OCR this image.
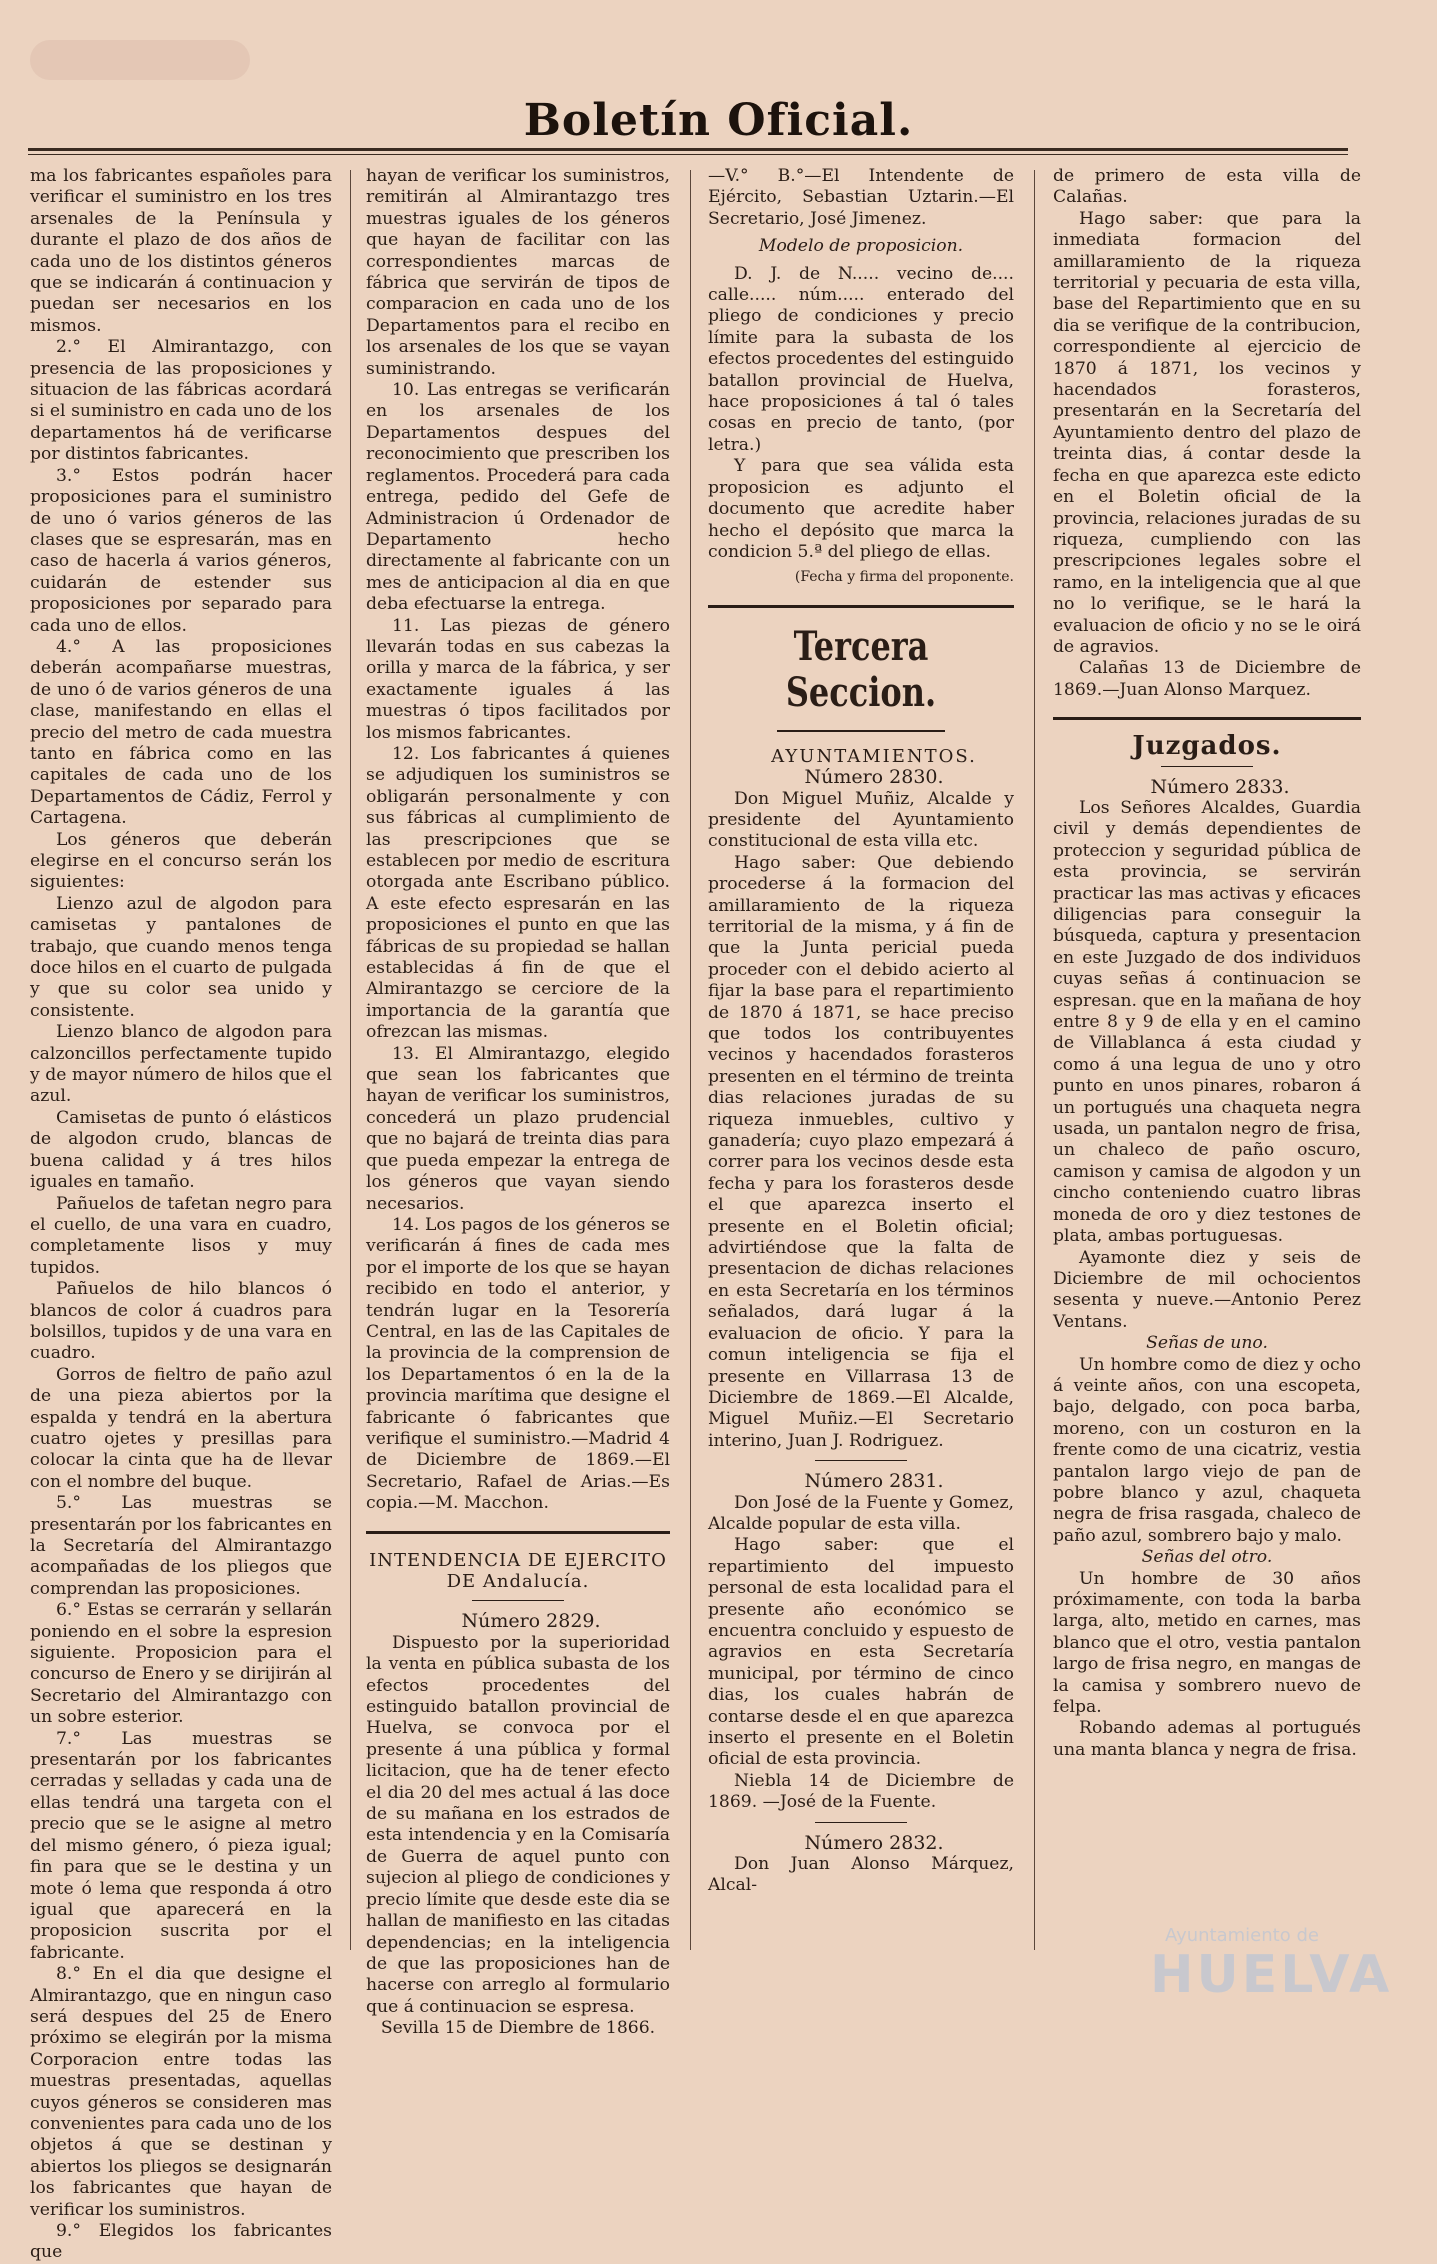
Boletín Oficial.

ma los fabricantes españoles para verificar el suministro en los tres arsenales de la Península y durante el plazo de dos años de cada uno de los distintos géneros que se indicarán á continuacion y puedan ser necesarios en los mismos.

2.° El Almirantazgo, con presencia de las proposiciones y situacion de las fábricas acordará si el suministro en cada uno de los departamentos há de verificarse por distintos fabricantes.

3.° Estos podrán hacer proposiciones para el suministro de uno ó varios géneros de las clases que se espresarán, mas en caso de hacerla á varios géneros, cuidarán de estender sus proposiciones por separado para cada uno de ellos.

4.° A las proposiciones deberán acompañarse muestras, de uno ó de varios géneros de una clase, manifestando en ellas el precio del metro de cada muestra tanto en fábrica como en las capitales de cada uno de los Departamentos de Cádiz, Ferrol y Cartagena.

Los géneros que deberán elegirse en el concurso serán los siguientes:

Lienzo azul de algodon para camisetas y pantalones de trabajo, que cuando menos tenga doce hilos en el cuarto de pulgada y que su color sea unido y consistente.

Lienzo blanco de algodon para calzoncillos perfectamente tupido y de mayor número de hilos que el azul.

Camisetas de punto ó elásticos de algodon crudo, blancas de buena calidad y á tres hilos iguales en tamaño.

Pañuelos de tafetan negro para el cuello, de una vara en cuadro, completamente lisos y muy tupidos.

Pañuelos de hilo blancos ó blancos de color á cuadros para bolsillos, tupidos y de una vara en cuadro.

Gorros de fieltro de paño azul de una pieza abiertos por la espalda y tendrá en la abertura cuatro ojetes y presillas para colocar la cinta que ha de llevar con el nombre del buque.

5.° Las muestras se presentarán por los fabricantes en la Secretaría del Almirantazgo acompañadas de los pliegos que comprendan las proposiciones.

6.° Estas se cerrarán y sellarán poniendo en el sobre la espresion siguiente. Proposicion para el concurso de Enero y se dirijirán al Secretario del Almirantazgo con un sobre esterior.

7.° Las muestras se presentarán por los fabricantes cerradas y selladas y cada una de ellas tendrá una targeta con el precio que se le asigne al metro del mismo género, ó pieza igual; fin para que se le destina y un mote ó lema que responda á otro igual que aparecerá en la proposicion suscrita por el fabricante.

8.° En el dia que designe el Almirantazgo, que en ningun caso será despues del 25 de Enero próximo se elegirán por la misma Corporacion entre todas las muestras presentadas, aquellas cuyos géneros se consideren mas convenientes para cada uno de los objetos á que se destinan y abiertos los pliegos se designarán los fabricantes que hayan de verificar los suministros.

9.° Elegidos los fabricantes que

hayan de verificar los suministros, remitirán al Almirantazgo tres muestras iguales de los géneros que hayan de facilitar con las correspondientes marcas de fábrica que servirán de tipos de comparacion en cada uno de los Departamentos para el recibo en los arsenales de los que se vayan suministrando.

10. Las entregas se verificarán en los arsenales de los Departamentos despues del reconocimiento que prescriben los reglamentos. Procederá para cada entrega, pedido del Gefe de Administracion ú Ordenador de Departamento hecho directamente al fabricante con un mes de anticipacion al dia en que deba efectuarse la entrega.

11. Las piezas de género llevarán todas en sus cabezas la orilla y marca de la fábrica, y ser exactamente iguales á las muestras ó tipos facilitados por los mismos fabricantes.

12. Los fabricantes á quienes se adjudiquen los suministros se obligarán personalmente y con sus fábricas al cumplimiento de las prescripciones que se establecen por medio de escritura otorgada ante Escribano público. A este efecto espresarán en las proposiciones el punto en que las fábricas de su propiedad se hallan establecidas á fin de que el Almirantazgo se cerciore de la importancia de la garantía que ofrezcan las mismas.

13. El Almirantazgo, elegido que sean los fabricantes que hayan de verificar los suministros, concederá un plazo prudencial que no bajará de treinta dias para que pueda empezar la entrega de los géneros que vayan siendo necesarios.

14. Los pagos de los géneros se verificarán á fines de cada mes por el importe de los que se hayan recibido en todo el anterior, y tendrán lugar en la Tesorería Central, en las de las Capitales de la provincia de la comprension de los Departamentos ó en la de la provincia marítima que designe el fabricante ó fabricantes que verifique el suministro.—Madrid 4 de Diciembre de 1869.—El Secretario, Rafael de Arias.—Es copia.—M. Macchon.

INTENDENCIA DE EJERCITO DE Andalucía.

Número 2829.

Dispuesto por la superioridad la venta en pública subasta de los efectos procedentes del estinguido batallon provincial de Huelva, se convoca por el presente á una pública y formal licitacion, que ha de tener efecto el dia 20 del mes actual á las doce de su mañana en los estrados de esta intendencia y en la Comisaría de Guerra de aquel punto con sujecion al pliego de condiciones y precio límite que desde este dia se hallan de manifiesto en las citadas dependencias; en la inteligencia de que las proposiciones han de hacerse con arreglo al formulario que á continuacion se espresa.

Sevilla 15 de Diembre de 1866.

—V.° B.°—El Intendente de Ejército, Sebastian Uztarin.—El Secretario, José Jimenez.

Modelo de proposicion.

D. J. de N..... vecino de.... calle..... núm..... enterado del pliego de condiciones y precio límite para la subasta de los efectos procedentes del estinguido batallon provincial de Huelva, hace proposiciones á tal ó tales cosas en precio de tanto, (por letra.)

Y para que sea válida esta proposicion es adjunto el documento que acredite haber hecho el depósito que marca la condicion 5.ª del pliego de ellas.

(Fecha y firma del proponente.

Tercera Seccion.

AYUNTAMIENTOS.

Número 2830.

Don Miguel Muñiz, Alcalde y presidente del Ayuntamiento constitucional de esta villa etc.

Hago saber: Que debiendo procederse á la formacion del amillaramiento de la riqueza territorial de la misma, y á fin de que la Junta pericial pueda proceder con el debido acierto al fijar la base para el repartimiento de 1870 á 1871, se hace preciso que todos los contribuyentes vecinos y hacendados forasteros presenten en el término de treinta dias relaciones juradas de su riqueza inmuebles, cultivo y ganadería; cuyo plazo empezará á correr para los vecinos desde esta fecha y para los forasteros desde el que aparezca inserto el presente en el Boletin oficial; advirtiéndose que la falta de presentacion de dichas relaciones en esta Secretaría en los términos señalados, dará lugar á la evaluacion de oficio. Y para la comun inteligencia se fija el presente en Villarrasa 13 de Diciembre de 1869.—El Alcalde, Miguel Muñiz.—El Secretario interino, Juan J. Rodriguez.

Número 2831.

Don José de la Fuente y Gomez, Alcalde popular de esta villa.

Hago saber: que el repartimiento del impuesto personal de esta localidad para el presente año económico se encuentra concluido y espuesto de agravios en esta Secretaría municipal, por término de cinco dias, los cuales habrán de contarse desde el en que aparezca inserto el presente en el Boletin oficial de esta provincia.

Niebla 14 de Diciembre de 1869. —José de la Fuente.

Número 2832.

Don Juan Alonso Márquez, Alcal-

de primero de esta villa de Calañas.

Hago saber: que para la inmediata formacion del amillaramiento de la riqueza territorial y pecuaria de esta villa, base del Repartimiento que en su dia se verifique de la contribucion, correspondiente al ejercicio de 1870 á 1871, los vecinos y hacendados forasteros, presentarán en la Secretaría del Ayuntamiento dentro del plazo de treinta dias, á contar desde la fecha en que aparezca este edicto en el Boletin oficial de la provincia, relaciones juradas de su riqueza, cumpliendo con las prescripciones legales sobre el ramo, en la inteligencia que al que no lo verifique, se le hará la evaluacion de oficio y no se le oirá de agravios.

Calañas 13 de Diciembre de 1869.—Juan Alonso Marquez.

Juzgados.

Número 2833.

Los Señores Alcaldes, Guardia civil y demás dependientes de proteccion y seguridad pública de esta provincia, se servirán practicar las mas activas y eficaces diligencias para conseguir la búsqueda, captura y presentacion en este Juzgado de dos individuos cuyas señas á continuacion se espresan. que en la mañana de hoy entre 8 y 9 de ella y en el camino de Villablanca á esta ciudad y como á una legua de uno y otro punto en unos pinares, robaron á un portugués una chaqueta negra usada, un pantalon negro de frisa, un chaleco de paño oscuro, camison y camisa de algodon y un cincho conteniendo cuatro libras moneda de oro y diez testones de plata, ambas portuguesas.

Ayamonte diez y seis de Diciembre de mil ochocientos sesenta y nueve.—Antonio Perez Ventans.

Señas de uno.

Un hombre como de diez y ocho á veinte años, con una escopeta, bajo, delgado, con poca barba, moreno, con un costuron en la frente como de una cicatriz, vestia pantalon largo viejo de pan de pobre blanco y azul, chaqueta negra de frisa rasgada, chaleco de paño azul, sombrero bajo y malo.

Señas del otro.

Un hombre de 30 años próximamente, con toda la barba larga, alto, metido en carnes, mas blanco que el otro, vestia pantalon largo de frisa negro, en mangas de la camisa y sombrero nuevo de felpa.

Robando ademas al portugués una manta blanca y negra de frisa.

Ayuntamiento de
HUELVA
